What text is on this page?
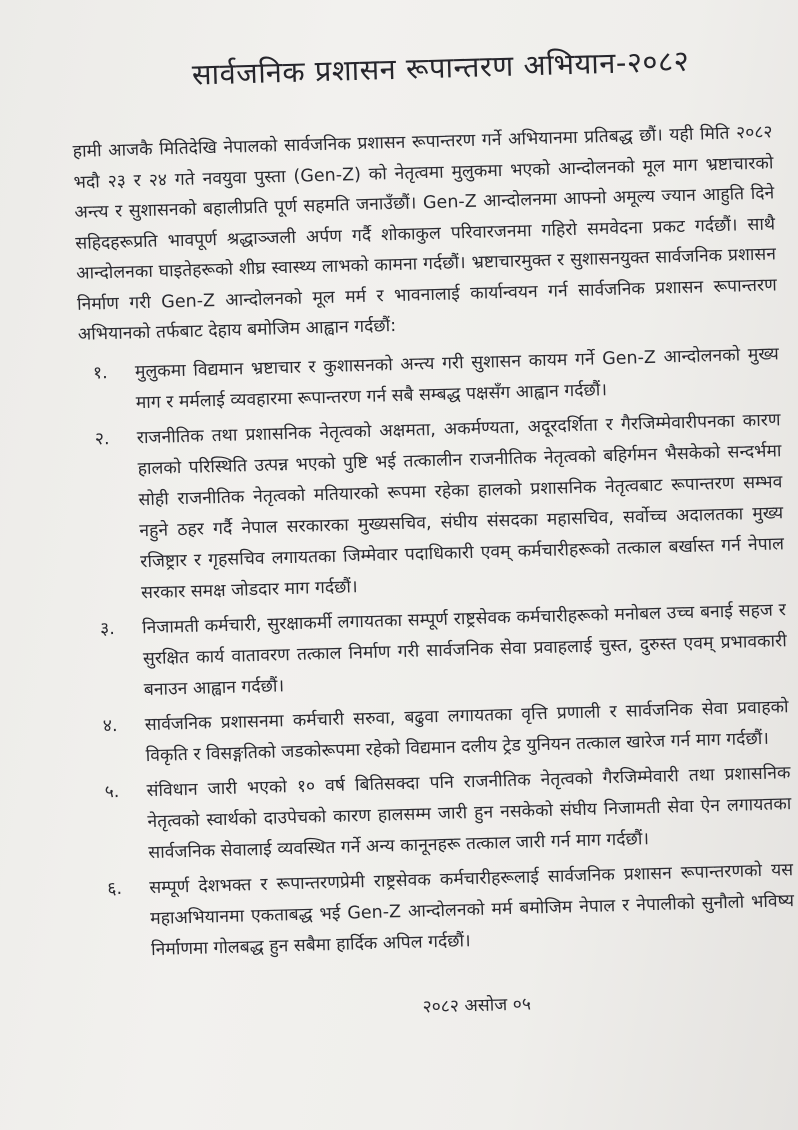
सार्वजनिक प्रशासन रूपान्तरण अभियान-२०८२

हामी आजकै मितिदेखि नेपालको सार्वजनिक प्रशासन रूपान्तरण गर्ने अभियानमा प्रतिबद्ध छौं। यही मिति २०८२ भदौ २३ र २४ गते नवयुवा पुस्ता (Gen-Z) को नेतृत्वमा मुलुकमा भएको आन्दोलनको मूल माग भ्रष्टाचारको अन्त्य र सुशासनको बहालीप्रति पूर्ण सहमति जनाउँछौं। Gen-Z आन्दोलनमा आफ्नो अमूल्य ज्यान आहुति दिने सहिदहरूप्रति भावपूर्ण श्रद्धाञ्जली अर्पण गर्दै शोकाकुल परिवारजनमा गहिरो समवेदना प्रकट गर्दछौं। साथै आन्दोलनका घाइतेहरूको शीघ्र स्वास्थ्य लाभको कामना गर्दछौं। भ्रष्टाचारमुक्त र सुशासनयुक्त सार्वजनिक प्रशासन निर्माण गरी Gen-Z आन्दोलनको मूल मर्म र भावनालाई कार्यान्वयन गर्न सार्वजनिक प्रशासन रूपान्तरण अभियानको तर्फबाट देहाय बमोजिम आह्वान गर्दछौं:

१.	मुलुकमा विद्यमान भ्रष्टाचार र कुशासनको अन्त्य गरी सुशासन कायम गर्ने Gen-Z आन्दोलनको मुख्य माग र मर्मलाई व्यवहारमा रूपान्तरण गर्न सबै सम्बद्ध पक्षसँग आह्वान गर्दछौं।
२.	राजनीतिक तथा प्रशासनिक नेतृत्वको अक्षमता, अकर्मण्यता, अदूरदर्शिता र गैरजिम्मेवारीपनका कारण हालको परिस्थिति उत्पन्न भएको पुष्टि भई तत्कालीन राजनीतिक नेतृत्वको बहिर्गमन भैसकेको सन्दर्भमा सोही राजनीतिक नेतृत्वको मतियारको रूपमा रहेका हालको प्रशासनिक नेतृत्वबाट रूपान्तरण सम्भव नहुने ठहर गर्दै नेपाल सरकारका मुख्यसचिव, संघीय संसदका महासचिव, सर्वोच्च अदालतका मुख्य रजिष्ट्रार र गृहसचिव लगायतका जिम्मेवार पदाधिकारी एवम् कर्मचारीहरूको तत्काल बर्खास्त गर्न नेपाल सरकार समक्ष जोडदार माग गर्दछौं।
३.	निजामती कर्मचारी, सुरक्षाकर्मी लगायतका सम्पूर्ण राष्ट्रसेवक कर्मचारीहरूको मनोबल उच्च बनाई सहज र सुरक्षित कार्य वातावरण तत्काल निर्माण गरी सार्वजनिक सेवा प्रवाहलाई चुस्त, दुरुस्त एवम् प्रभावकारी बनाउन आह्वान गर्दछौं।
४.	सार्वजनिक प्रशासनमा कर्मचारी सरुवा, बढुवा लगायतका वृत्ति प्रणाली र सार्वजनिक सेवा प्रवाहको विकृति र विसङ्गतिको जडकोरूपमा रहेको विद्यमान दलीय ट्रेड युनियन तत्काल खारेज गर्न माग गर्दछौं।
५.	संविधान जारी भएको १० वर्ष बितिसक्दा पनि राजनीतिक नेतृत्वको गैरजिम्मेवारी तथा प्रशासनिक नेतृत्वको स्वार्थको दाउपेचको कारण हालसम्म जारी हुन नसकेको संघीय निजामती सेवा ऐन लगायतका सार्वजनिक सेवालाई व्यवस्थित गर्ने अन्य कानूनहरू तत्काल जारी गर्न माग गर्दछौं।
६.	सम्पूर्ण देशभक्त र रूपान्तरणप्रेमी राष्ट्रसेवक कर्मचारीहरूलाई सार्वजनिक प्रशासन रूपान्तरणको यस महाअभियानमा एकताबद्ध भई Gen-Z आन्दोलनको मर्म बमोजिम नेपाल र नेपालीको सुनौलो भविष्य निर्माणमा गोलबद्ध हुन सबैमा हार्दिक अपिल गर्दछौं।
२०८२ असोज ०५
